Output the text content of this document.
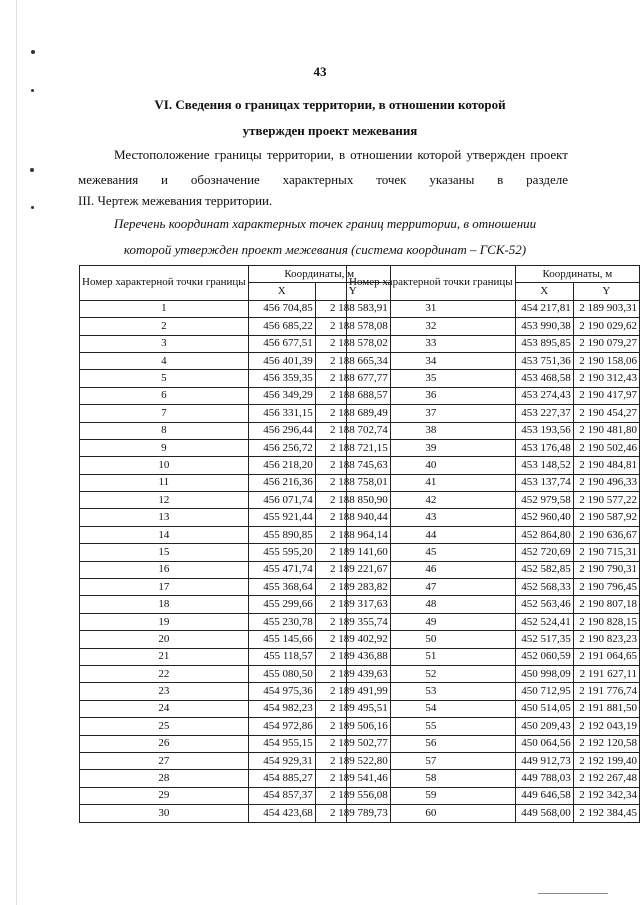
43
VI. Сведения о границах территории, в отношении которой
утвержден проект межевания
Местоположение границы территории, в отношении которой утвержден проект межевания и обозначение характерных точек указаны в разделе
III. Чертеж межевания территории.
Перечень координат характерных точек границ территории, в отношении
которой утвержден проект межевания (система координат – ГСК-52)
Номер характерной точки границы	Координаты, м	
	X	Y
1	456 704,85	2 188 583,91
2	456 685,22	2 188 578,08
3	456 677,51	2 188 578,02
4	456 401,39	2 188 665,34
5	456 359,35	2 188 677,77
6	456 349,29	2 188 688,57
7	456 331,15	2 188 689,49
8	456 296,44	2 188 702,74
9	456 256,72	2 188 721,15
10	456 218,20	2 188 745,63
11	456 216,36	2 188 758,01
12	456 071,74	2 188 850,90
13	455 921,44	2 188 940,44
14	455 890,85	2 188 964,14
15	455 595,20	2 189 141,60
16	455 471,74	2 189 221,67
17	455 368,64	2 189 283,82
18	455 299,66	2 189 317,63
19	455 230,78	2 189 355,74
20	455 145,66	2 189 402,92
21	455 118,57	2 189 436,88
22	455 080,50	2 189 439,63
23	454 975,36	2 189 491,99
24	454 982,23	2 189 495,51
25	454 972,86	2 189 506,16
26	454 955,15	2 189 502,77
27	454 929,31	2 189 522,80
28	454 885,27	2 189 541,46
29	454 857,37	2 189 556,08
30	454 423,68	2 189 789,73
Номер характерной точки границы	Координаты, м	
	X	Y
31	454 217,81	2 189 903,31
32	453 990,38	2 190 029,62
33	453 895,85	2 190 079,27
34	453 751,36	2 190 158,06
35	453 468,58	2 190 312,43
36	453 274,43	2 190 417,97
37	453 227,37	2 190 454,27
38	453 193,56	2 190 481,80
39	453 176,48	2 190 502,46
40	453 148,52	2 190 484,81
41	453 137,74	2 190 496,33
42	452 979,58	2 190 577,22
43	452 960,40	2 190 587,92
44	452 864,80	2 190 636,67
45	452 720,69	2 190 715,31
46	452 582,85	2 190 790,31
47	452 568,33	2 190 796,45
48	452 563,46	2 190 807,18
49	452 524,41	2 190 828,15
50	452 517,35	2 190 823,23
51	452 060,59	2 191 064,65
52	450 998,09	2 191 627,11
53	450 712,95	2 191 776,74
54	450 514,05	2 191 881,50
55	450 209,43	2 192 043,19
56	450 064,56	2 192 120,58
57	449 912,73	2 192 199,40
58	449 788,03	2 192 267,48
59	449 646,58	2 192 342,34
60	449 568,00	2 192 384,45
